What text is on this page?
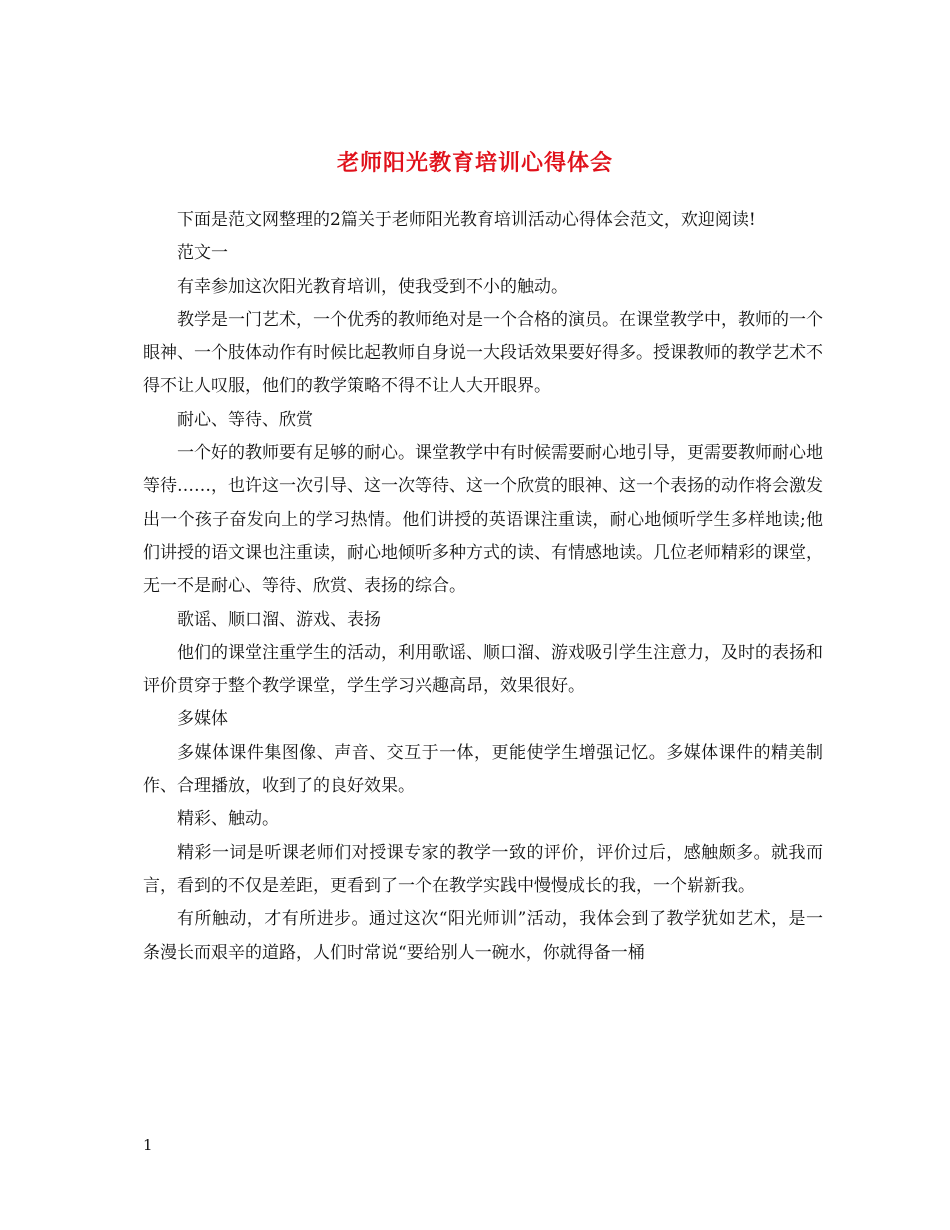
老师阳光教育培训心得体会

下面是范文网整理的2篇关于老师阳光教育培训活动心得体会范文，欢迎阅读!

范文一

有幸参加这次阳光教育培训，使我受到不小的触动。

教学是一门艺术，一个优秀的教师绝对是一个合格的演员。在课堂教学中，教师的一个眼神、一个肢体动作有时候比起教师自身说一大段话效果要好得多。授课教师的教学艺术不得不让人叹服，他们的教学策略不得不让人大开眼界。

耐心、等待、欣赏

一个好的教师要有足够的耐心。课堂教学中有时候需要耐心地引导，更需要教师耐心地等待……，也许这一次引导、这一次等待、这一个欣赏的眼神、这一个表扬的动作将会激发出一个孩子奋发向上的学习热情。他们讲授的英语课注重读，耐心地倾听学生多样地读;他们讲授的语文课也注重读，耐心地倾听多种方式的读、有情感地读。几位老师精彩的课堂，无一不是耐心、等待、欣赏、表扬的综合。

歌谣、顺口溜、游戏、表扬

他们的课堂注重学生的活动，利用歌谣、顺口溜、游戏吸引学生注意力，及时的表扬和评价贯穿于整个教学课堂，学生学习兴趣高昂，效果很好。

多媒体

多媒体课件集图像、声音、交互于一体，更能使学生增强记忆。多媒体课件的精美制作、合理播放，收到了的良好效果。

精彩、触动。

精彩一词是听课老师们对授课专家的教学一致的评价，评价过后，感触颇多。就我而言，看到的不仅是差距，更看到了一个在教学实践中慢慢成长的我，一个崭新我。

有所触动，才有所进步。通过这次“阳光师训”活动，我体会到了教学犹如艺术，是一条漫长而艰辛的道路，人们时常说“要给别人一碗水，你就得备一桶

1
